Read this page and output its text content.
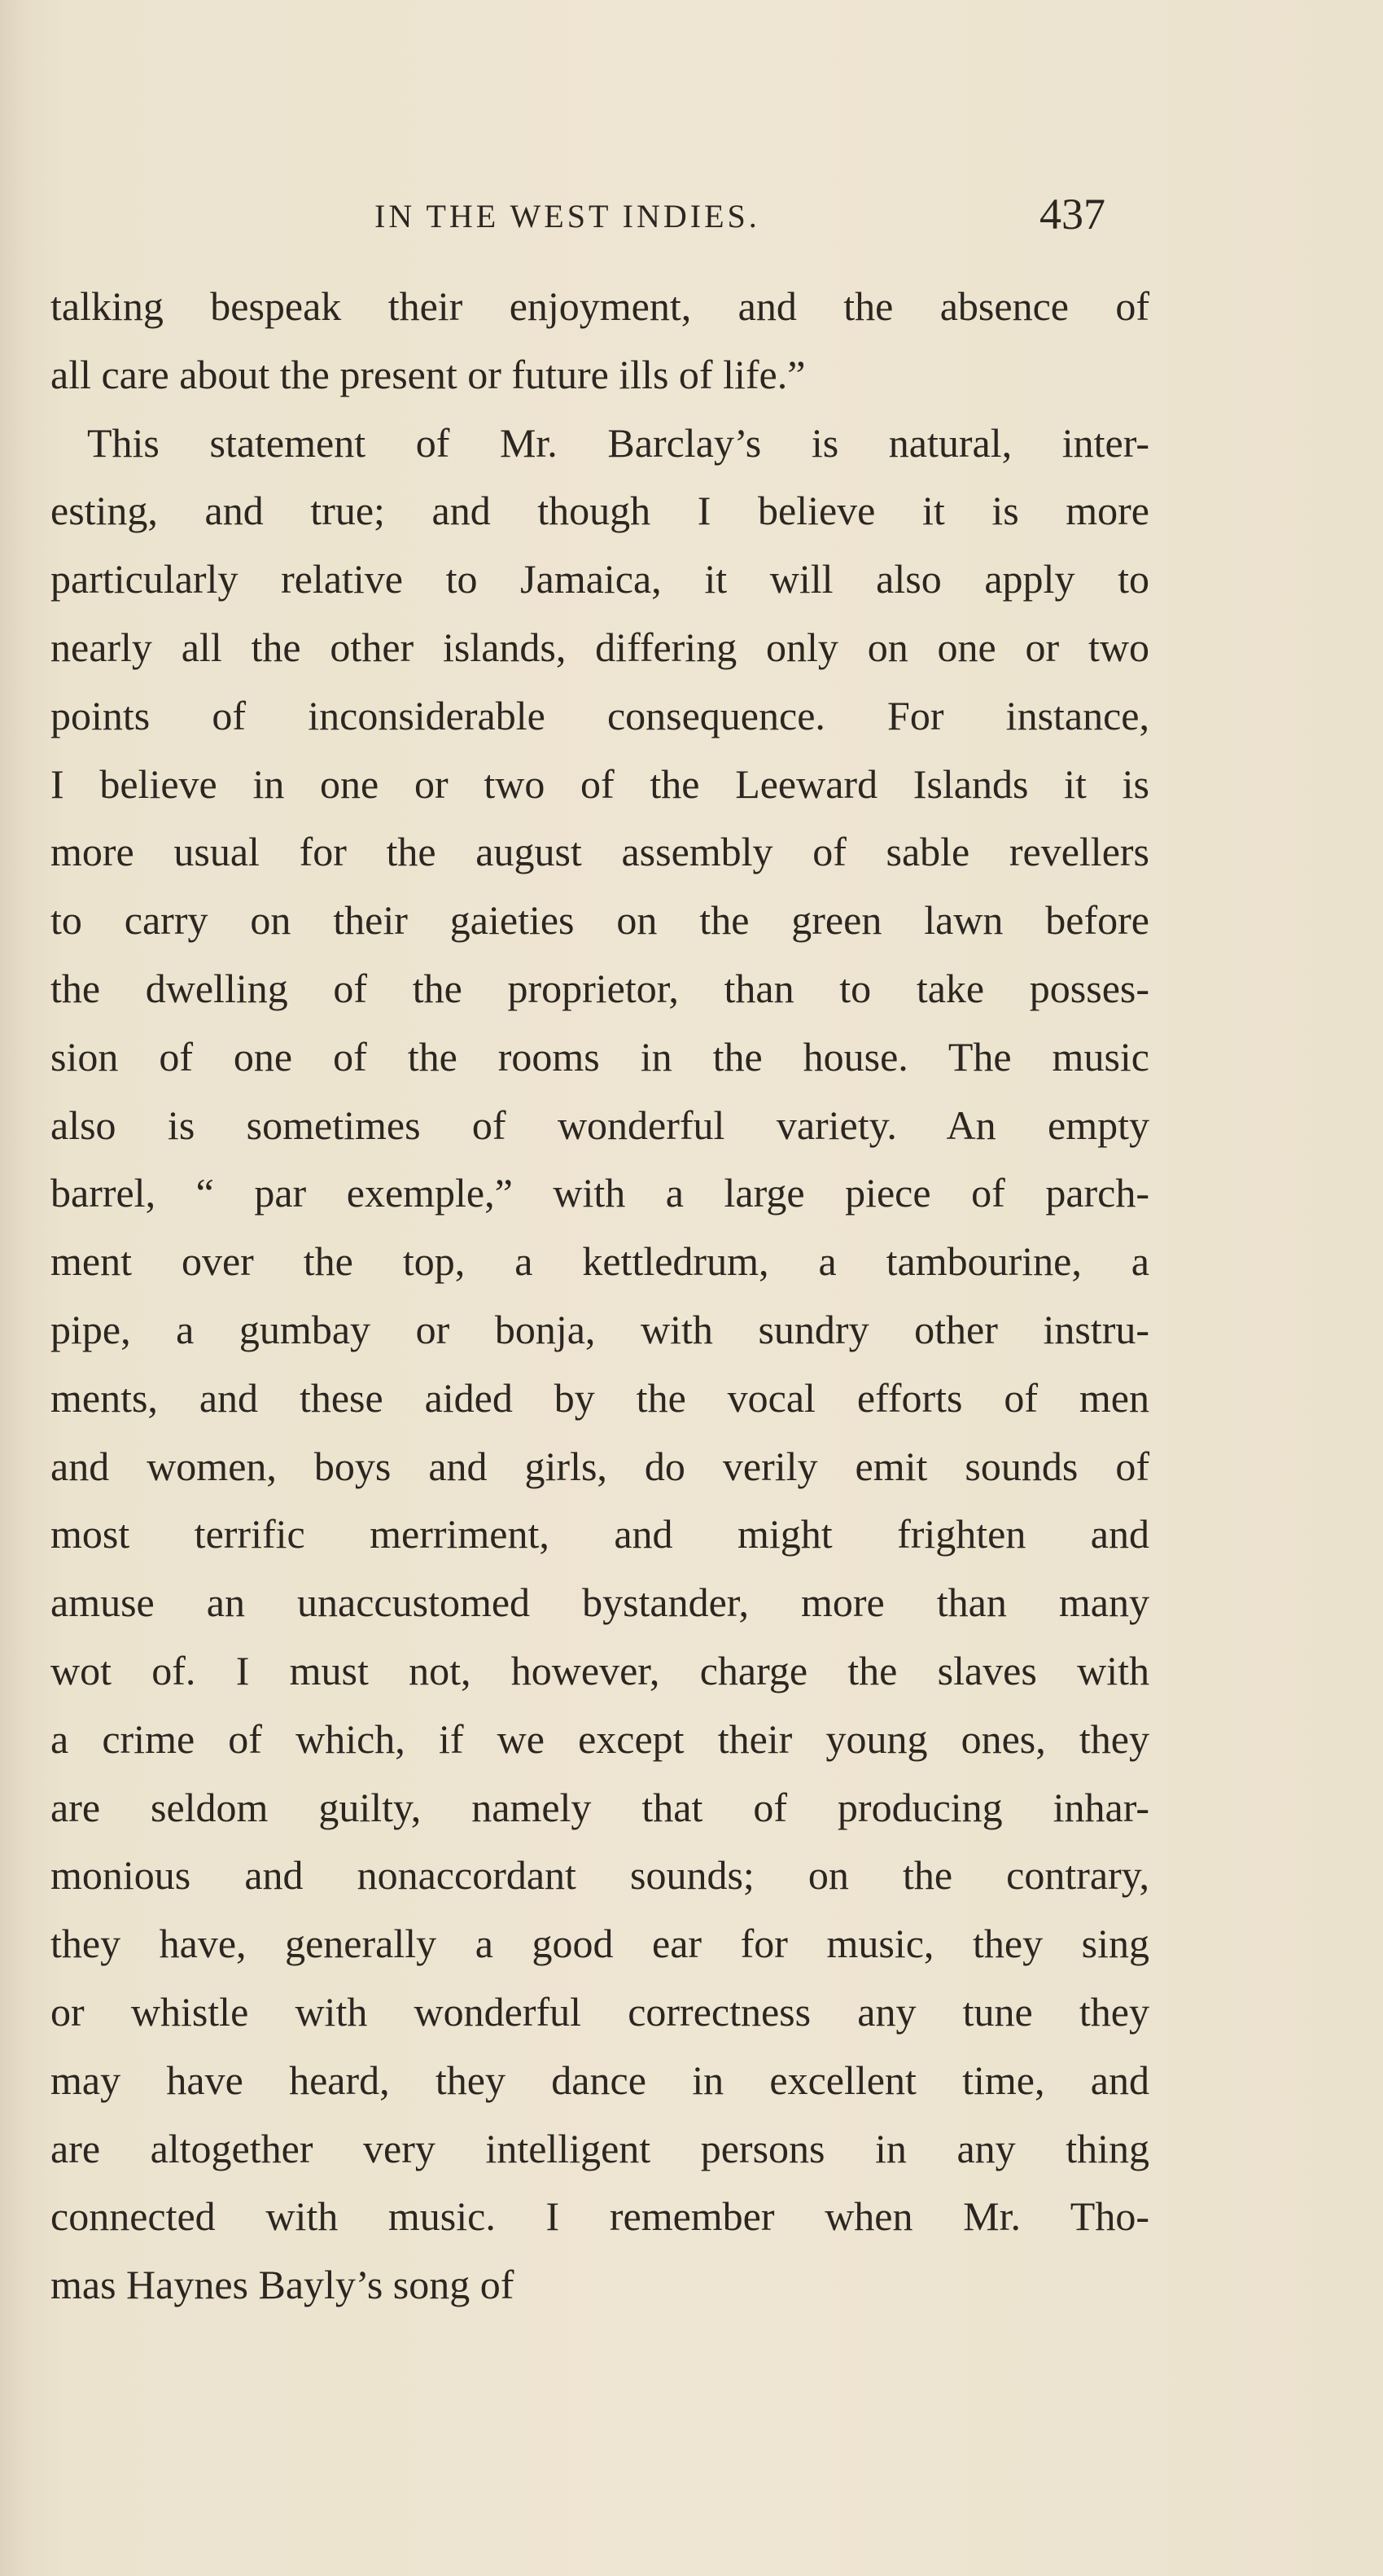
IN THE WEST INDIES.	437
talking bespeak their enjoyment, and the absence of
all care about the present or future ills of life.”
This statement of Mr. Barclay’s is natural, inter-
esting, and true; and though I believe it is more
particularly relative to Jamaica, it will also apply to
nearly all the other islands, differing only on one or two
points of inconsiderable consequence. For instance,
I believe in one or two of the Leeward Islands it is
more usual for the august assembly of sable revellers
to carry on their gaieties on the green lawn before
the dwelling of the proprietor, than to take posses-
sion of one of the rooms in the house. The music
also is sometimes of wonderful variety. An empty
barrel, “ par exemple,” with a large piece of parch-
ment over the top, a kettledrum, a tambourine, a
pipe, a gumbay or bonja, with sundry other instru-
ments, and these aided by the vocal efforts of men
and women, boys and girls, do verily emit sounds of
most terrific merriment, and might frighten and
amuse an unaccustomed bystander, more than many
wot of. I must not, however, charge the slaves with
a crime of which, if we except their young ones, they
are seldom guilty, namely that of producing inhar-
monious and nonaccordant sounds; on the contrary,
they have, generally a good ear for music, they sing
or whistle with wonderful correctness any tune they
may have heard, they dance in excellent time, and
are altogether very intelligent persons in any thing
connected with music. I remember when Mr. Tho-
mas Haynes Bayly’s song of
